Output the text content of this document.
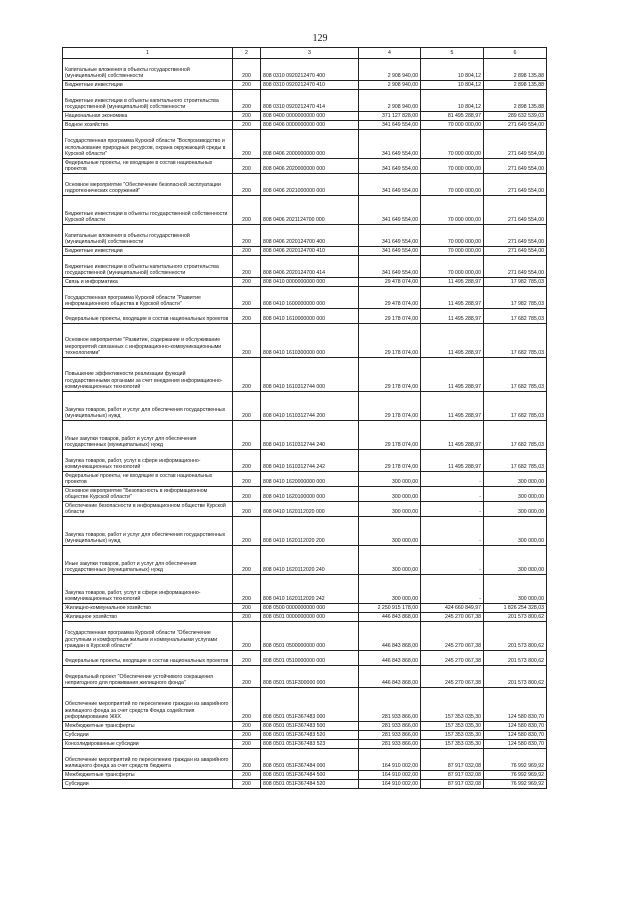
129
1	2	3	4	5	6
Капитальные вложения в объекты государственной (муниципальной) собственности	200	808 0310 0920212470 400	2 908 940,00	10 804,12	2 898 135,88
Бюджетные инвестиции	200	808 0310 0920212470 410	2 908 940,00	10 804,12	2 898 135,88
Бюджетные инвестиции в объекты капитального строительства государственной (муниципальной) собственности	200	808 0310 0920212470 414	2 908 940,00	10 804,12	2 898 135,88
Национальная экономика	200	808 0400 0000000000 000	371 127 828,00	81 495 288,97	289 632 539,03
Водное хозяйство	200	808 0406 0000000000 000	341 649 554,00	70 000 000,00	271 649 554,00
Государственная программа Курской области "Воспроизводство и использование природных ресурсов, охрана окружающей среды в Курской области"	200	808 0406 2000000000 000	341 649 554,00	70 000 000,00	271 649 554,00
Федеральные проекты, не входящие в состав национальных проектов	200	808 0406 2020000000 000	341 649 554,00	70 000 000,00	271 649 554,00
Основное мероприятие "Обеспечение безопасной эксплуатации гидротехнических сооружений"	200	808 0406 2021000000 000	341 649 554,00	70 000 000,00	271 649 554,00
Бюджетные инвестиции в объекты государственной собственности Курской области	200	808 0406 2021124700 000	341 649 554,00	70 000 000,00	271 649 554,00
Капитальные вложения в объекты государственной (муниципальной) собственности	200	808 0406 2020124700 400	341 649 554,00	70 000 000,00	271 649 554,00
Бюджетные инвестиции	200	808 0406 2020124700 410	341 649 554,00	70 000 000,00	271 649 554,00
Бюджетные инвестиции в объекты капитального строительства государственной (муниципальной) собственности	200	808 0406 2020124700 414	341 649 554,00	70 000 000,00	271 649 554,00
Связь и информатика	200	808 0410 0000000000 000	29 478 074,00	11 495 288,97	17 982 785,03
Государственная программа Курской области "Развитие информационного общества в Курской области"	200	808 0410 1600000000 000	29 478 074,00	11 495 288,97	17 982 785,03
Федеральные проекты, входящие в состав национальных проектов	200	808 0410 1610000000 000	29 178 074,00	11 495 288,97	17 682 785,03
Основное мероприятие "Развитие, содержание и обслуживание мероприятий связанных с информационно-коммуникационными технологиями"	200	808 0410 1610300000 000	29 178 074,00	11 495 288,97	17 682 785,03
Повышение эффективности реализации функций государственными органами за счет внедрения информационно-коммуникационных технологий	200	808 0410 1610312744 000	29 178 074,00	11 495 288,97	17 682 785,03
Закупка товаров, работ и услуг для обеспечения государственных (муниципальных) нужд	200	808 0410 1610312744 200	29 178 074,00	11 495 288,97	17 682 785,03
Иные закупки товаров, работ и услуг для обеспечения государственных (муниципальных) нужд	200	808 0410 1610312744 240	29 178 074,00	11 495 288,97	17 682 785,03
Закупка товаров, работ, услуг в сфере информационно-коммуникационных технологий	200	808 0410 1610312744 242	29 178 074,00	11 495 288,97	17 682 785,03
Федеральные проекты, не входящие в состав национальных проектов	200	808 0410 1620000000 000	300 000,00	-	300 000,00
Основное мероприятие "Безопасность в информационном обществе Курской области"	200	808 0410 1620100000 000	300 000,00	-	300 000,00
Обеспечение безопасности в информационном обществе Курской области	200	808 0410 1620112020 000	300 000,00	-	300 000,00
Закупка товаров, работ и услуг для обеспечения государственных (муниципальных) нужд	200	808 0410 1620112020 200	300 000,00	-	300 000,00
Иные закупки товаров, работ и услуг для обеспечения государственных (муниципальных) нужд	200	808 0410 1620112020 240	300 000,00	-	300 000,00
Закупка товаров, работ, услуг в сфере информационно-коммуникационных технологий	200	808 0410 1620112020 242	300 000,00	-	300 000,00
Жилищно-коммунальное хозяйство	200	808 0500 0000000000 000	2 250 915 178,00	424 660 849,97	1 826 254 328,03
Жилищное хозяйство	200	808 0501 0000000000 000	446 843 868,00	245 270 067,38	201 573 800,62
Государственная программа Курской области "Обеспечение доступным и комфортным жильем и коммунальными услугами граждан в Курской области"	200	808 0501 0500000000 000	446 843 868,00	245 270 067,38	201 573 800,62
Федеральные проекты, входящие в состав национальных проектов	200	808 0501 0510000000 000	446 843 868,00	245 270 067,38	201 573 800,62
Федеральный проект "Обеспечение устойчивого сокращения непригодного для проживания жилищного фонда"	200	808 0501 051F300000 000	446 843 868,00	245 270 067,38	201 573 800,62
Обеспечение мероприятий по переселению граждан из аварийного жилищного фонда за счет средств Фонда содействия реформированию ЖКХ	200	808 0501 051F367483 000	281 933 866,00	157 353 035,30	124 580 830,70
Межбюджетные трансферты	200	808 0501 051F367483 500	281 933 866,00	157 353 035,30	124 580 830,70
Субсидии	200	808 0501 051F367483 520	281 933 866,00	157 353 035,30	124 580 830,70
Консолидированные субсидии	200	808 0501 051F367483 523	281 933 866,00	157 353 035,30	124 580 830,70
Обеспечение мероприятий по переселению граждан из аварийного жилищного фонда за счет средств бюджета	200	808 0501 051F367484 000	164 910 002,00	87 917 032,08	76 992 969,92
Межбюджетные трансферты	200	808 0501 051F367484 500	164 910 002,00	87 917 032,08	76 992 969,92
Субсидии	200	808 0501 051F367484 520	164 910 002,00	87 917 032,08	76 992 969,92
